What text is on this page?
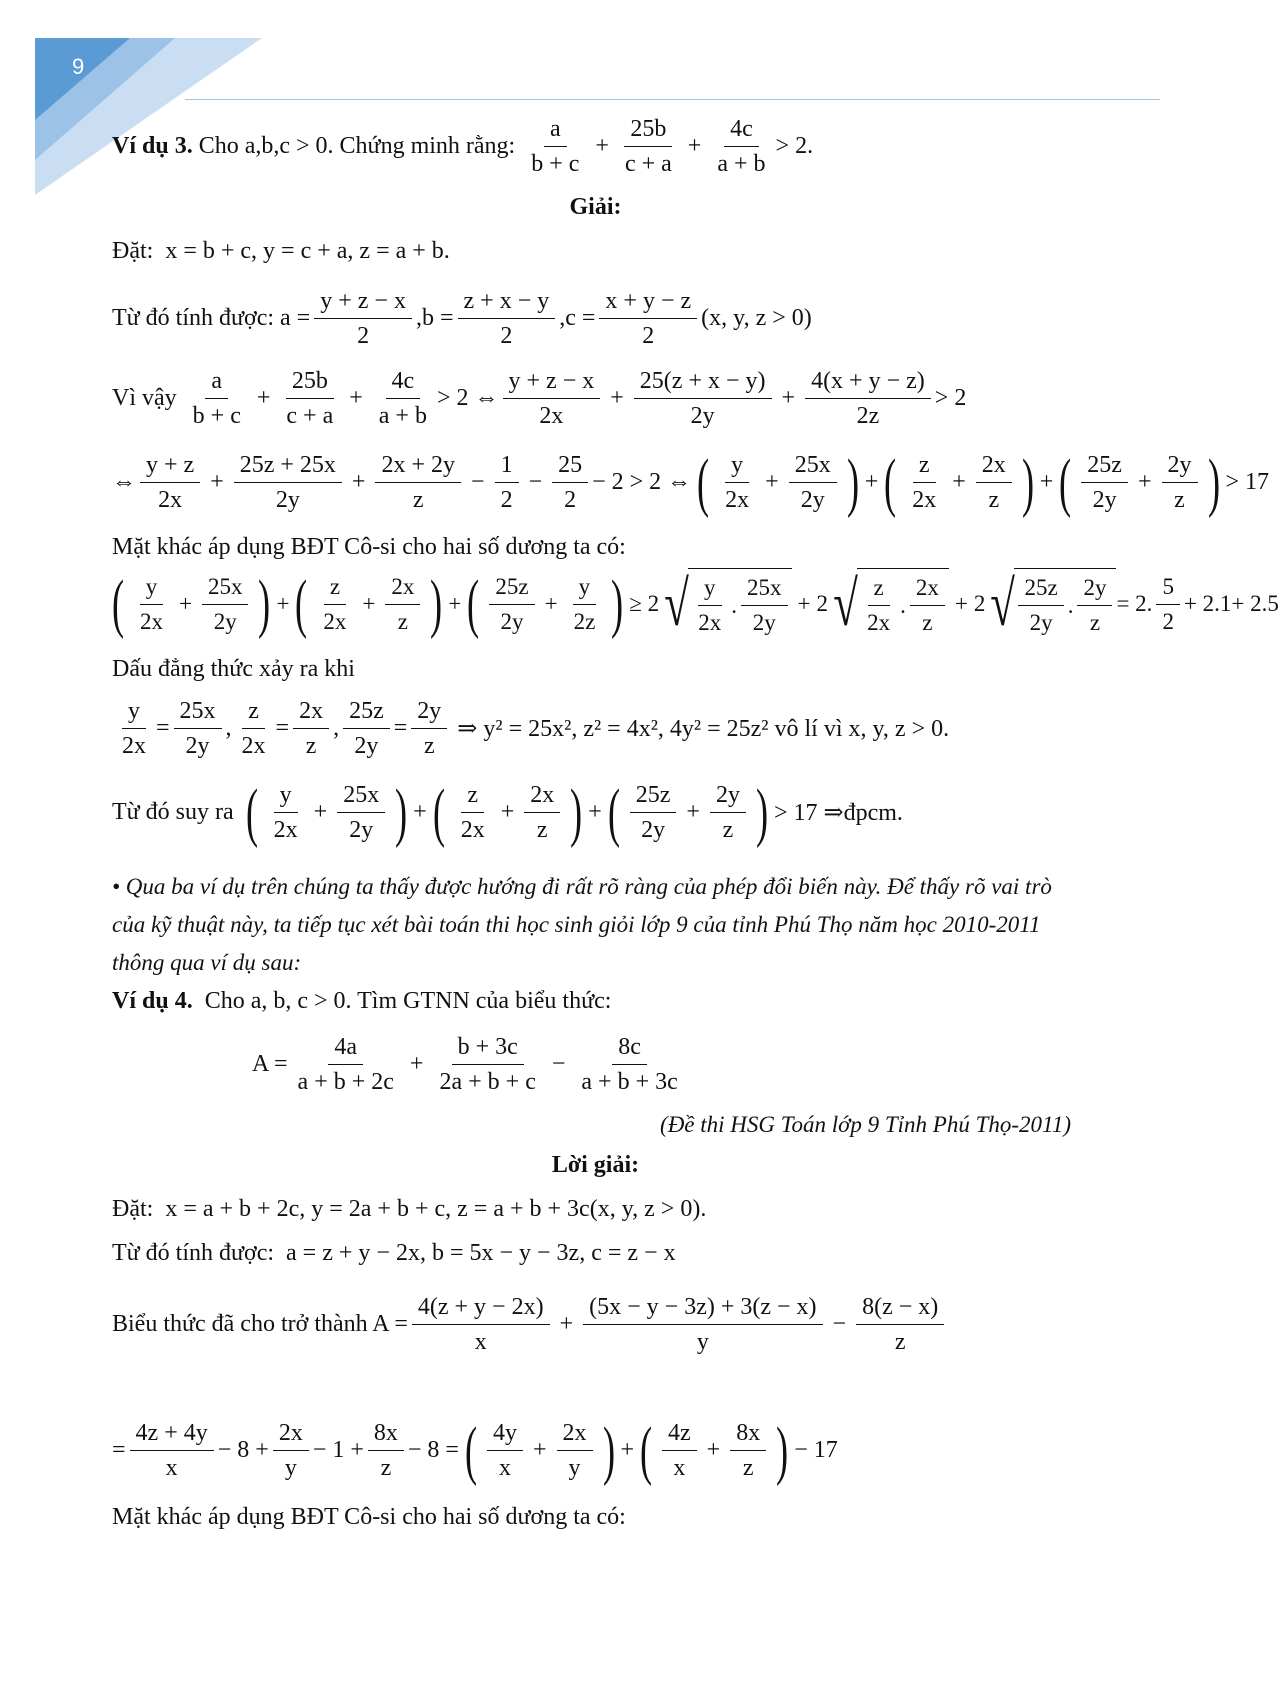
9
Ví dụ 3.
Cho a,b,c > 0. Chứng minh rằng:

a
b + c
+ $\frac{25b}{c + a} + \frac{4c}{a + b} > 2$.
Giải:
Đặt:
x = b + c, y = c + a, z = a + b.
Từ đó tính được:
$a = \frac{y + z - x}{2} ,b = \frac{z + x - y}{2} ,c = \frac{x + y - z}{2} (x$, y, z > 0)
Vì vậy

a
b + c
+ $\frac{25b}{c + a} + \frac{4c}{a + b} > 2$ ⇔
y + z − x
2x
+ $\frac{25(z + x - y)}{2y} + \frac{4(x + y - z)}{2z} > 2$
⇔
y + z
2x
+ $\frac{25z + 25x}{2y} + \frac{2x + 2y}{z} - \frac{1}{2} - \frac{25}{2} - 2 > 2$ ⇔ ( y
2x
+ $\frac{25x}{2y}$ ) + ( z
2x
+ $\frac{2x}{z}$ ) + ( 25z
2y
+ $\frac{2y}{z}$ ) > 17
Mặt khác áp dụng BĐT Cô-si cho hai số dương ta có:
( y
2x
+ $\frac{25x}{2y}$ ) + ( z
2x
+ $\frac{2x}{z}$ ) + ( 25z
2y
+ $\frac{y}{2z}$ ) ≥ 2 √ y
2x
.
25x
2y
+ 2 √ z
2x
.
2x
z
+ 2 √ 25z
2y
.
2y
z
= 2.
5
2
+ 2.1+ 2.5
Dấu đẳng thức xảy ra khi
y
2x
=
25x
2y
,
z
2x
=
2x
z
,
25z
2y
=
2y
z

⇒ y² = 25x², z² = 4x², 4y² = 25z² vô lí vì x, y, z > 0.
Từ đó suy ra
( y
2x
+ $\frac{25x}{2y}$ ) + ( z
2x
+ $\frac{2x}{z}$ ) + ( 25z
2y
+ $\frac{2y}{z}$ ) > 17 ⇒đpcm.
• Qua ba ví dụ trên chúng ta thấy được hướng đi rất rõ ràng của phép đổi biến này. Để thấy rõ vai trò của kỹ thuật này, ta tiếp tục xét bài toán thi học sinh giỏi lớp 9 của tỉnh Phú Thọ năm học 2010-2011 thông qua ví dụ sau:
Ví dụ 4.
Cho a, b, c > 0. Tìm GTNN của biểu thức:
$A = \frac{4a}{a + b + 2c} + \frac{b + 3c}{2a + b + c} - \frac{8c}{a + b + 3c}$
(Đề thi HSG Toán lớp 9 Tỉnh Phú Thọ-2011)
Lời giải:
Đặt:
x = a + b + 2c, y = 2a + b + c, z = a + b + 3c(x, y, z > 0).
Từ đó tính được:
a = z + y − 2x, b = 5x − y − 3z, c = z − x
Biểu thức đã cho trở thành $A = \frac{4(z + y - 2x)}{x} + \frac{(5x - y - 3z) + 3(z - x)}{y} - \frac{8(z - x)}{z}$
=
4z + 4y
x
− $8 + \frac{2x}{y} - 1 + \frac{8x}{z} - 8$ = ( 4y
x
+ $\frac{2x}{y}$ ) + ( 4z
x
+ $\frac{8x}{z}$ ) − 17
Mặt khác áp dụng BĐT Cô-si cho hai số dương ta có:
